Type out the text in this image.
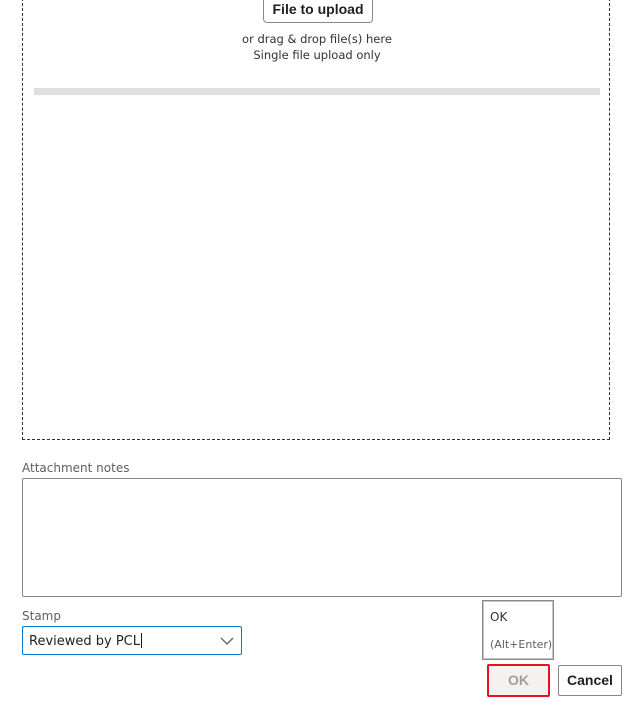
File to upload
or drag & drop file(s) here
Single file upload only
Attachment notes
Stamp
Reviewed by PCL
OK
(Alt+Enter)
OK	Cancel
